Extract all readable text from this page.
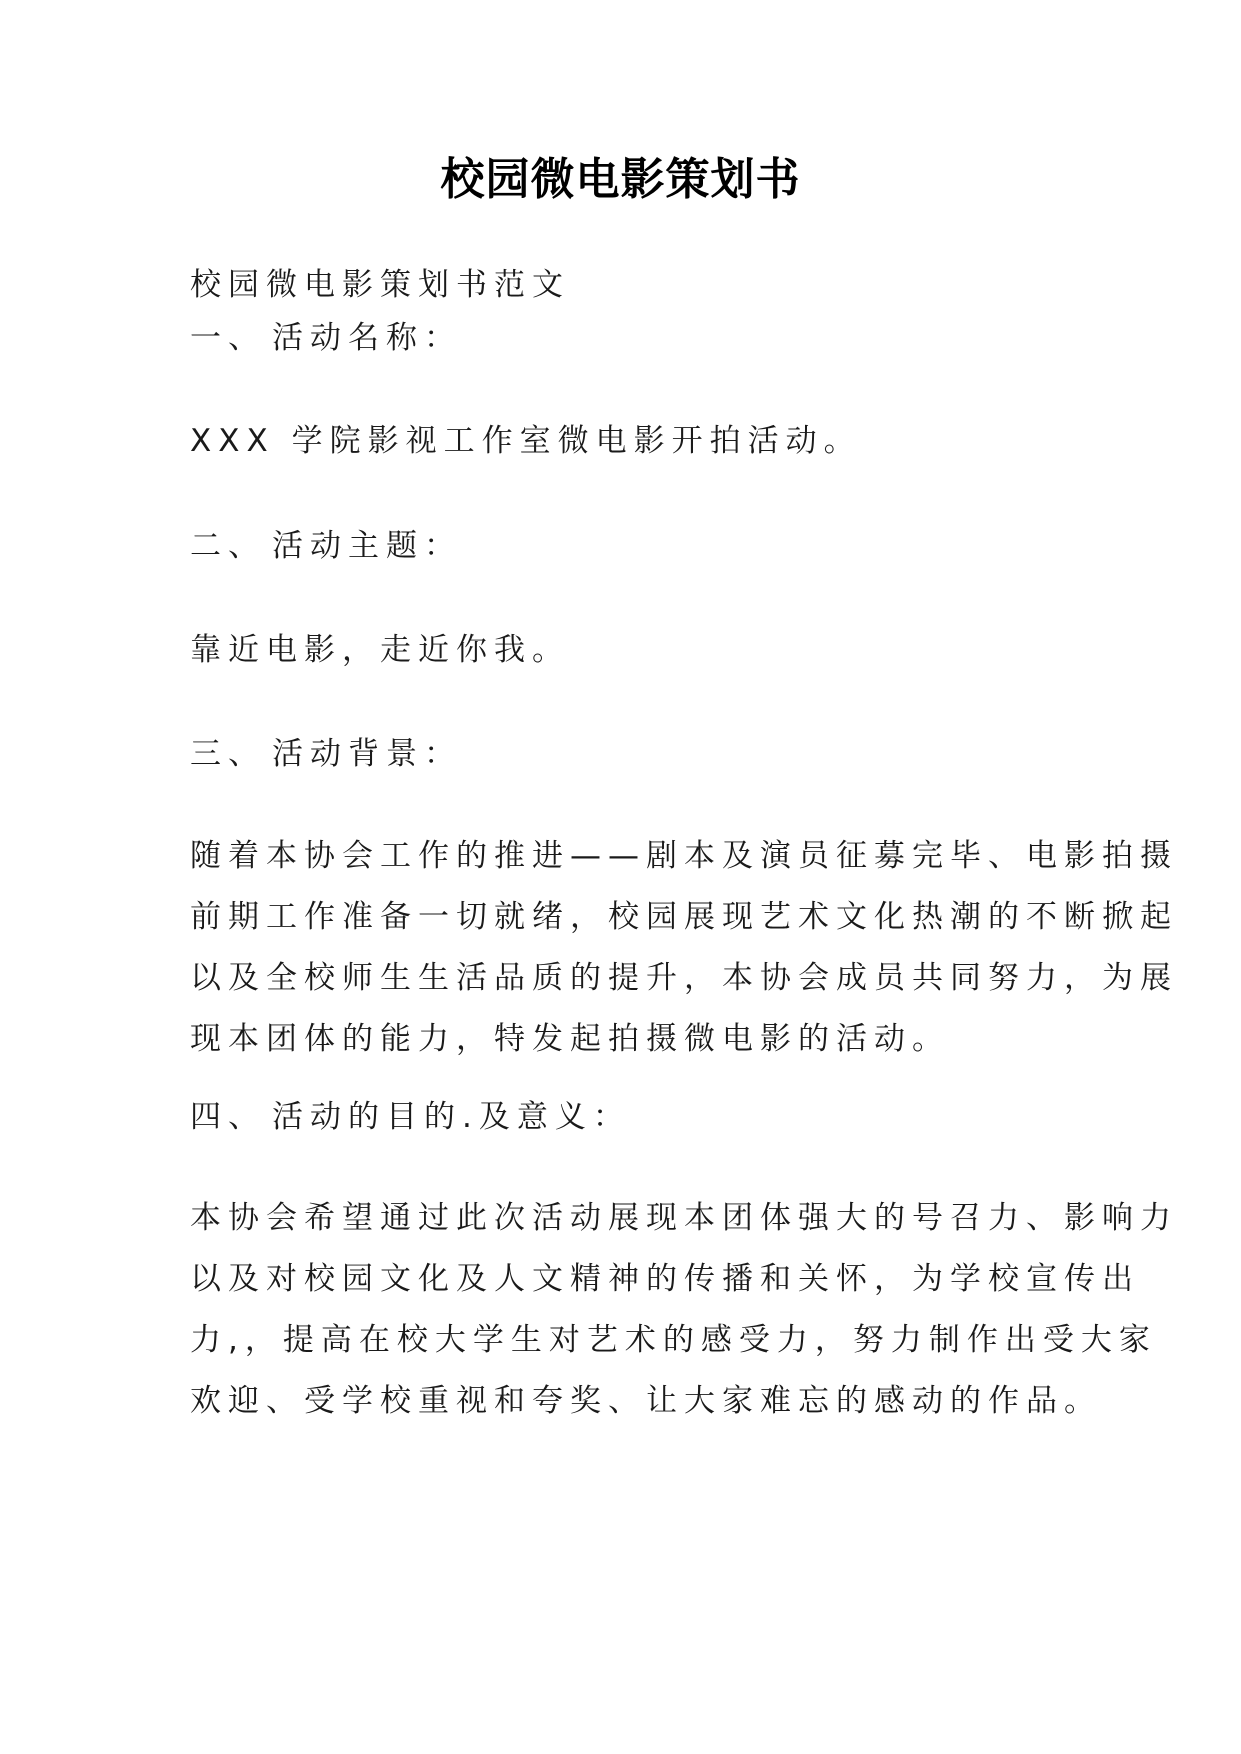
校园微电影策划书
校园微电影策划书范文
一、 活动名称：
XXX 学院影视工作室微电影开拍活动。
二、 活动主题：
靠近电影，走近你我。
三、 活动背景：
随着本协会工作的推进——剧本及演员征募完毕、电影拍摄
前期工作准备一切就绪，校园展现艺术文化热潮的不断掀起
以及全校师生生活品质的提升，本协会成员共同努力，为展
现本团体的能力，特发起拍摄微电影的活动。
四、 活动的目的.及意义：
本协会希望通过此次活动展现本团体强大的号召力、影响力
以及对校园文化及人文精神的传播和关怀，为学校宣传出
力,，提高在校大学生对艺术的感受力，努力制作出受大家
欢迎、受学校重视和夸奖、让大家难忘的感动的作品。
